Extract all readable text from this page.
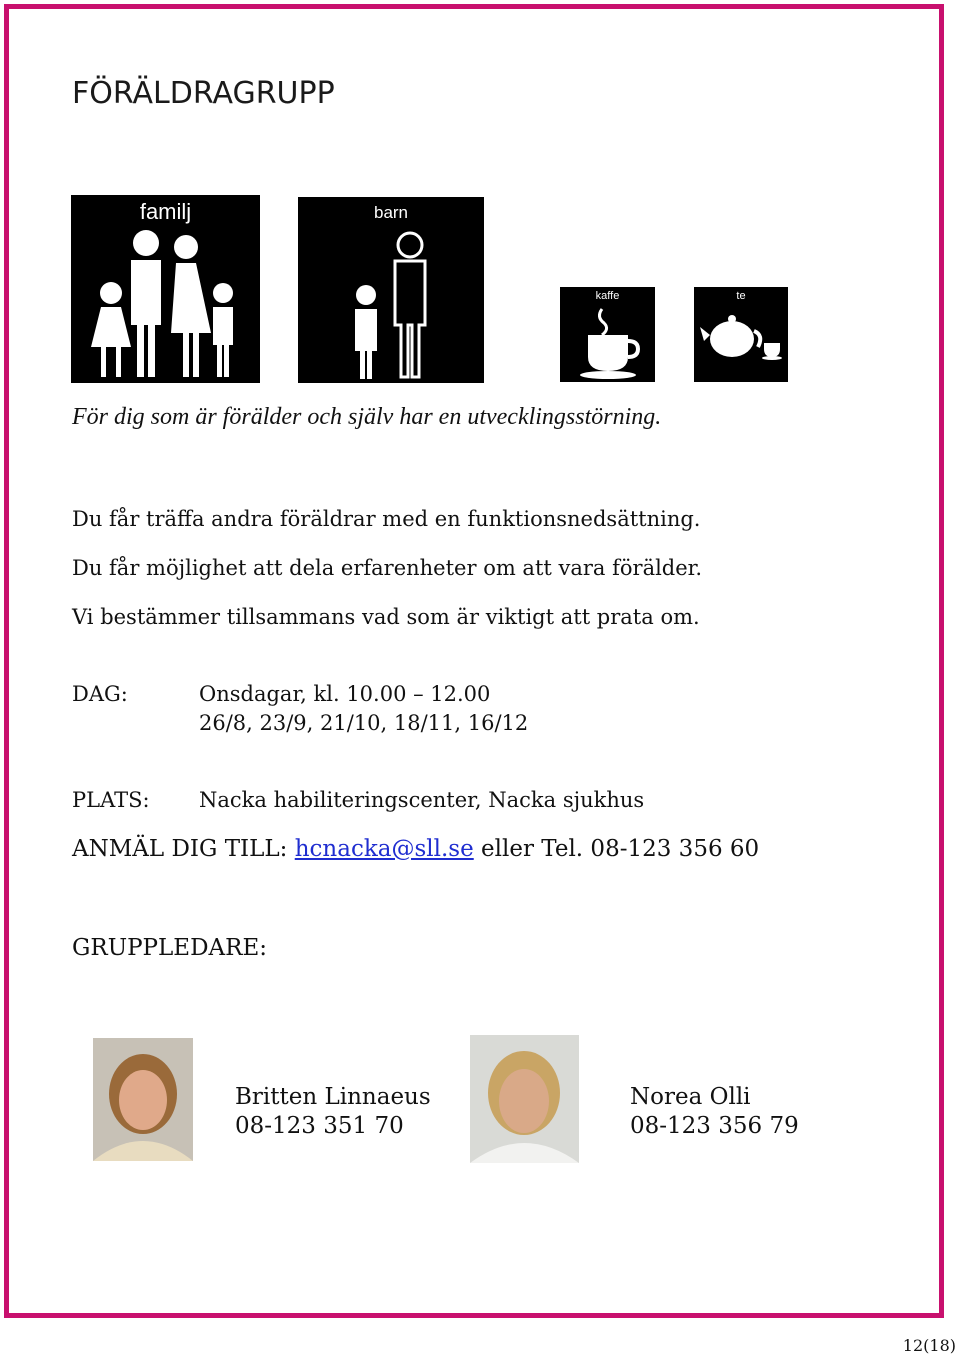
FÖRÄLDRAGRUPP
familj	barn
kaffe	te
För dig som är förälder och själv har en utvecklingsstörning.
Du får träffa andra föräldrar med en funktionsnedsättning.
Du får möjlighet att dela erfarenheter om att vara förälder.
Vi bestämmer tillsammans vad som är viktigt att prata om.
DAG:	Onsdagar, kl. 10.00 – 12.00
26/8, 23/9, 21/10, 18/11, 16/12
PLATS: Nacka habiliteringscenter, Nacka sjukhus
ANMÄL DIG TILL: hcnacka@sll.se eller Tel. 08-123 356 60
GRUPPLEDARE:
Britten Linnaeus
08-123 351 70
Norea Olli
08-123 356 79
12(18)
